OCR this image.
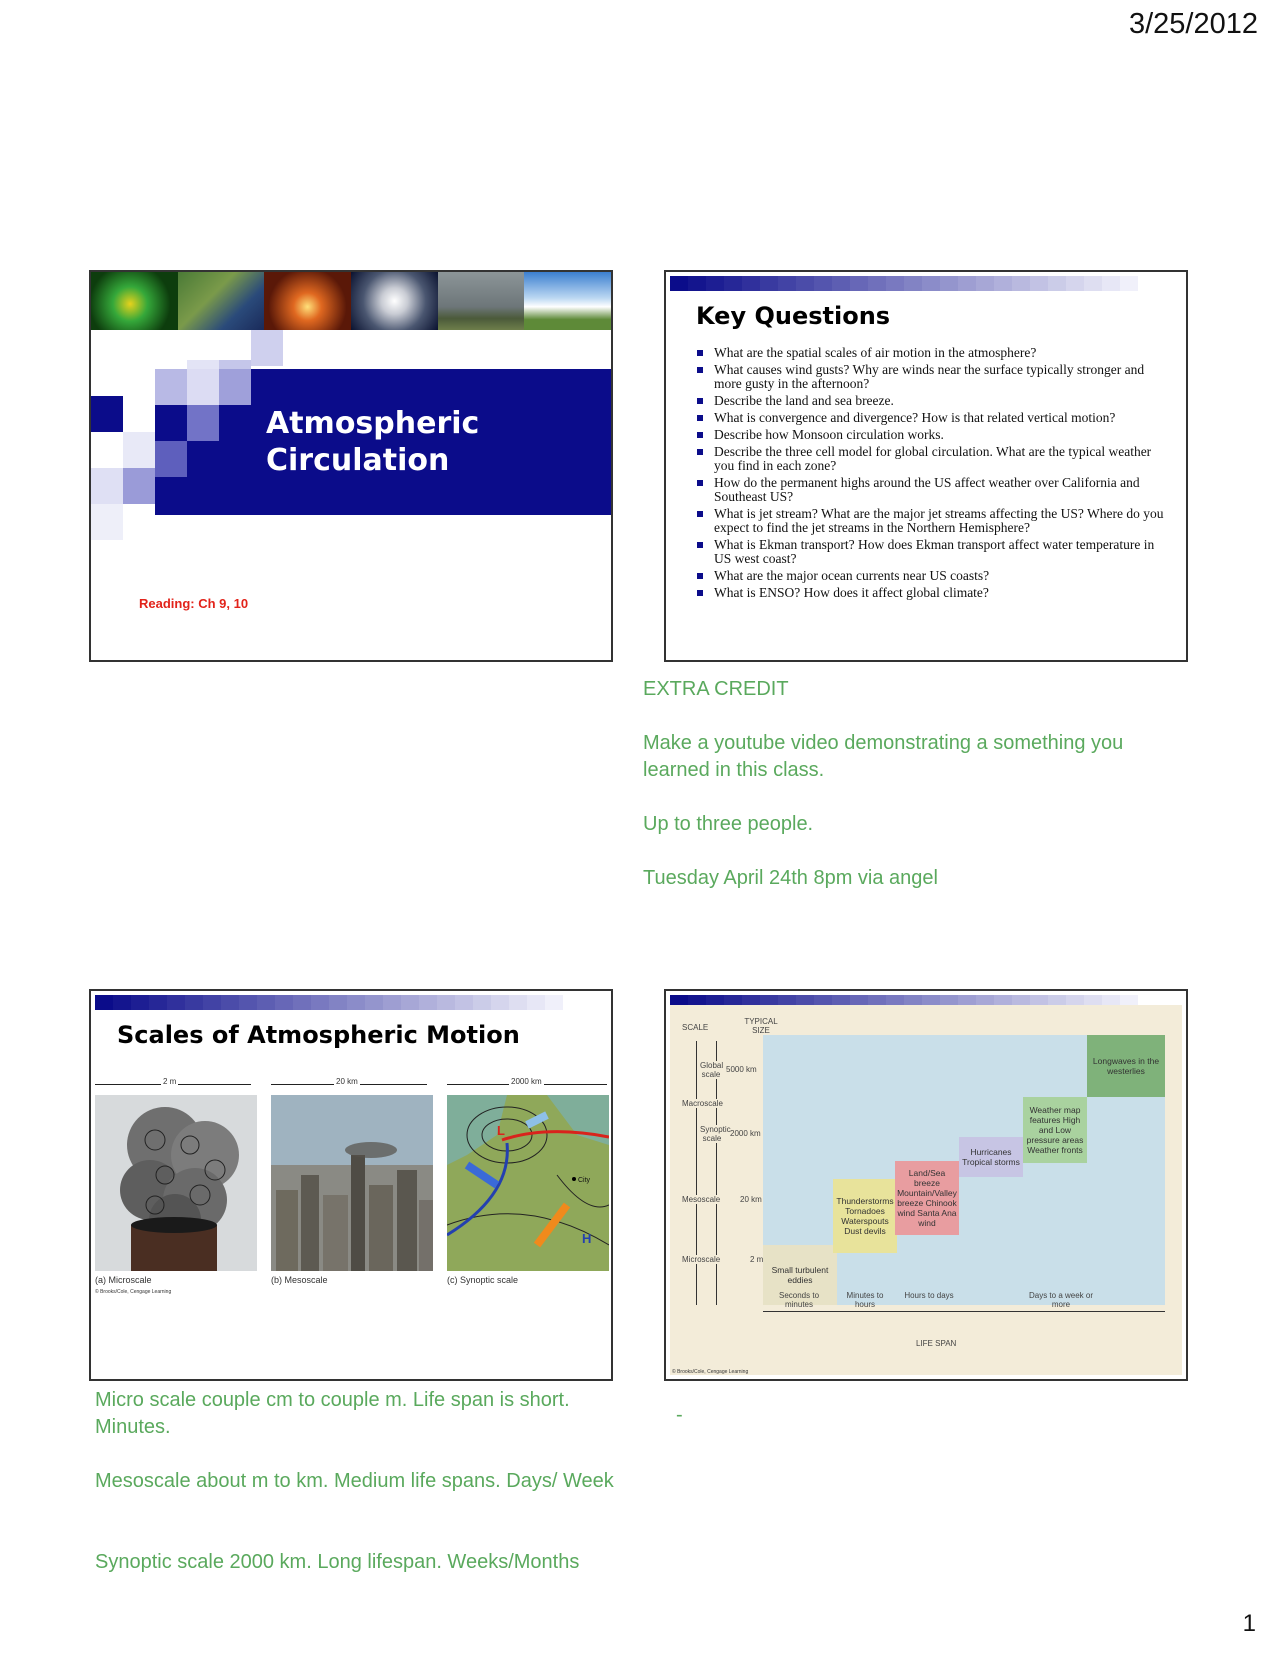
3/25/2012
Atmospheric
Circulation
Reading: Ch 9, 10
Key Questions
What are the spatial scales of air motion in the atmosphere?
What causes wind gusts? Why are winds near the surface typically stronger and more gusty in the afternoon?
Describe the land and sea breeze.
What is convergence and divergence? How is that related vertical motion?
Describe how Monsoon circulation works.
Describe the three cell model for global circulation. What are the typical weather you find in each zone?
How do the permanent highs around the US affect weather over California and Southeast US?
What is jet stream? What are the major jet streams affecting the US? Where do you expect to find the jet streams in the Northern Hemisphere?
What is Ekman transport? How does Ekman transport affect water temperature in US west coast?
What are the major ocean currents near US coasts?
What is ENSO? How does it affect global climate?
EXTRA CREDIT
Make a youtube video demonstrating a something you learned in this class.
Up to three people.
Tuesday April 24th 8pm via angel
Scales of Atmospheric Motion
2 m	20 km	2000 km
L
H
City
(a) Microscale	(b) Mesoscale	(c) Synoptic scale
© Brooks/Cole, Cengage Learning
TYPICAL SIZE
SCALE
Global scale
5000 km
Macroscale
Synoptic scale
2000 km
Mesoscale 20 km
Microscale	2 m
Small turbulent eddies
Thunderstorms Tornadoes Waterspouts Dust devils
Land/Sea breeze Mountain/Valley breeze Chinook wind Santa Ana wind
Hurricanes Tropical storms
Weather map features High and Low pressure areas Weather fronts
Longwaves in the westerlies
Seconds to minutes
Minutes to hours
Hours to days	Days to a week or more
LIFE SPAN
© Brooks/Cole, Cengage Learning
Micro scale couple cm to couple m. Life span is short. Minutes.
Mesoscale about m to km. Medium life spans. Days/ Week
Synoptic scale 2000 km. Long lifespan. Weeks/Months
-
1
